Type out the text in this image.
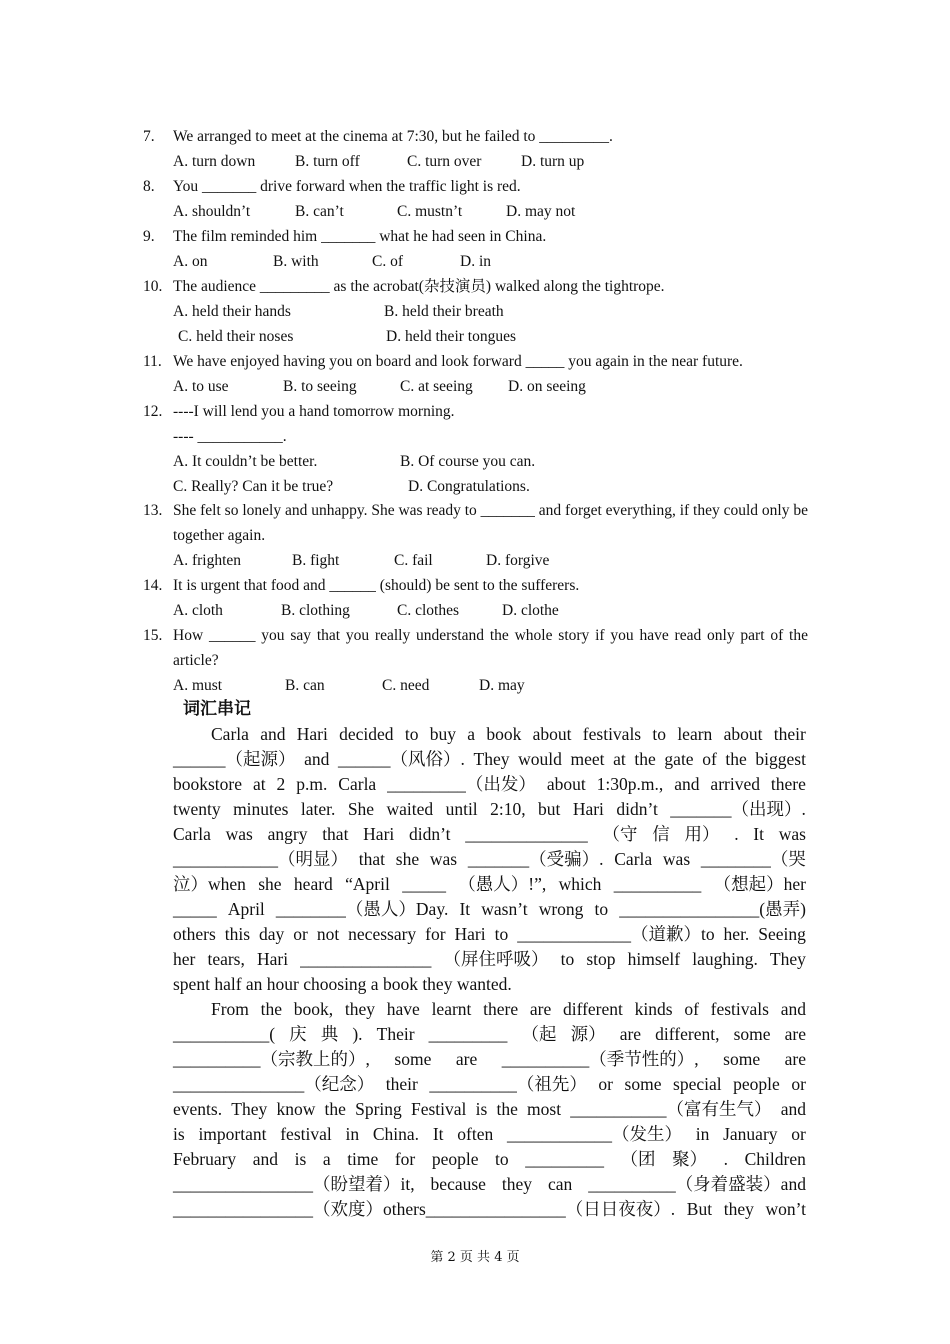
7. We arranged to meet at the cinema at 7:30, but he failed to _________.
A. turn down	B. turn off	C. turn over	D. turn up
8. You _______ drive forward when the traffic light is red.
A. shouldn’t	B. can’t	C. mustn’t	D. may not
9. The film reminded him _______ what he had seen in China.
A. on	B. with	C. of	D. in
10. The audience _________ as the acrobat(杂技演员) walked along the tightrope.
A. held their hands	B. held their breath
C. held their noses	D. held their tongues
11. We have enjoyed having you on board and look forward _____ you again in the near future.
A. to use	B. to seeing	C. at seeing D. on seeing
12. ----I will lend you a hand tomorrow morning.
---- ___________.
A. It couldn’t be better.	B. Of course you can.
C. Really? Can it be true?	D. Congratulations.
13. She felt so lonely and unhappy. She was ready to _______ and forget everything, if they could only be together again.
A. frighten	B. fight	C. fail	D. forgive
14. It is urgent that food and ______ (should) be sent to the sufferers.
A. cloth	B. clothing	C. clothes	D. clothe
15. How ______ you say that you really understand the whole story if you have read only part of the article?
A. must	B. can	C. need	D. may
词汇串记
Carla and Hari decided to buy a book about festivals to learn about their
______（起源） and ______（风俗）. They would meet at the gate of the biggest
bookstore at 2 p.m. Carla _________（出发） about 1:30p.m., and arrived there
twenty minutes later. She waited until 2:10, but Hari didn’t _______（出现）.
Carla was angry that Hari didn’t ______________ （守 信 用） . It was
____________（明显） that she was _______（受骗）. Carla was ________（哭
泣）when she heard “April _____ （愚人）!”, which __________ （想起）her
_____ April ________（愚人）Day. It wasn’t wrong to ________________(愚弄)
others this day or not necessary for Hari to _____________（道歉）to her. Seeing
her tears, Hari _______________ （屏住呼吸） to stop himself laughing. They
spent half an hour choosing a book they wanted.
From the book, they have learnt there are different kinds of festivals and
___________( 庆 典 ). Their _________ （起 源） are different, some are
__________（宗教上的）, some are __________（季节性的）, some are
_______________（纪念） their __________（祖先） or some special people or
events. They know the Spring Festival is the most ___________（富有生气） and
is important festival in China. It often ____________（发生） in January or
February and is a time for people to _________ （团 聚） . Children
________________（盼望着）it, because they can __________（身着盛装）and
________________（欢度）others________________（日日夜夜）. But they won’t
第 2 页 共 4 页
